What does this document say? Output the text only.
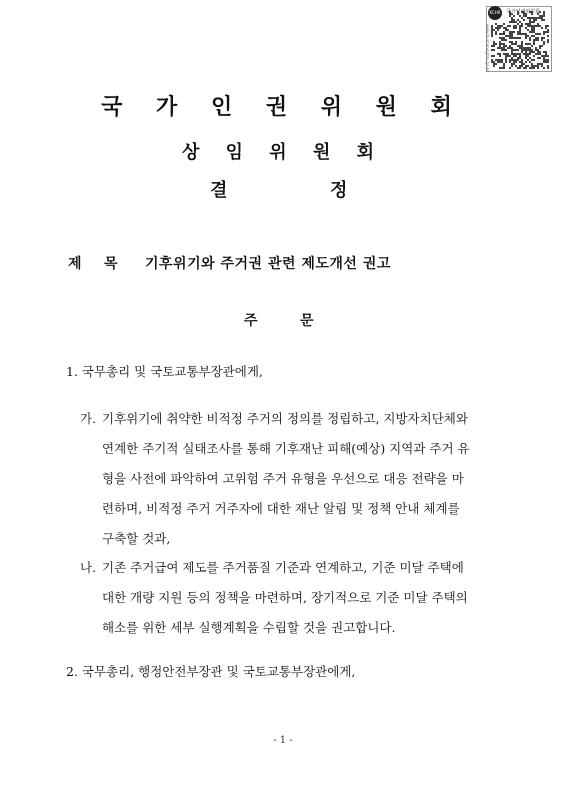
KCHR	국가인권위원회
www.humanrights.go.kr
국 가 인 권 위 원 회
상 임 위 원 회
결	정
제 목 기후위기와 주거권 관련 제도개선 권고
주	문
1. 국무총리 및 국토교통부장관에게,
가. 기후위기에 취약한 비적정 주거의 정의를 정립하고, 지방자치단체와
연계한 주기적 실태조사를 통해 기후재난 피해(예상) 지역과 주거 유
형을 사전에 파악하여 고위험 주거 유형을 우선으로 대응 전략을 마
련하며, 비적정 주거 거주자에 대한 재난 알림 및 정책 안내 체계를
구축할 것과,
나. 기존 주거급여 제도를 주거품질 기준과 연계하고, 기준 미달 주택에
대한 개량 지원 등의 정책을 마련하며, 장기적으로 기준 미달 주택의
해소를 위한 세부 실행계획을 수립할 것을 권고합니다.
2. 국무총리, 행정안전부장관 및 국토교통부장관에게,
- 1 -
